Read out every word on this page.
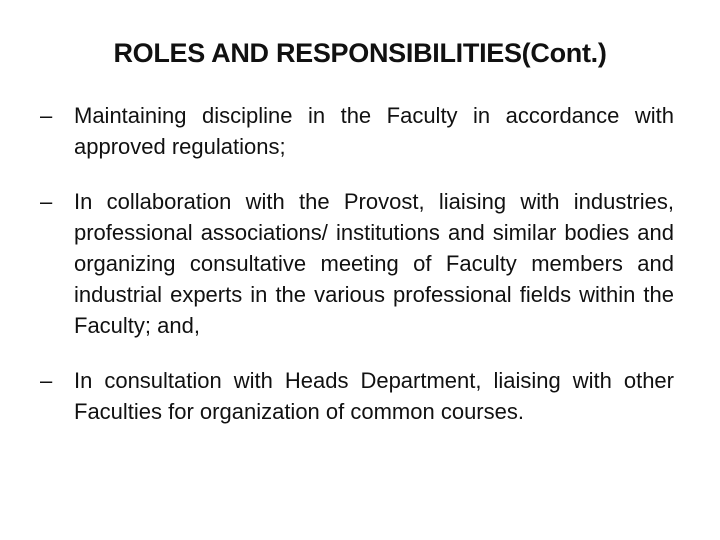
ROLES AND RESPONSIBILITIES(Cont.)
– Maintaining discipline in the Faculty in accordance with approved regulations;
– In collaboration with the Provost, liaising with industries, professional associations/ institutions and similar bodies and organizing consultative meeting of Faculty members and industrial experts in the various professional fields within the Faculty; and,
– In consultation with Heads Department, liaising with other Faculties for organization of common courses.
